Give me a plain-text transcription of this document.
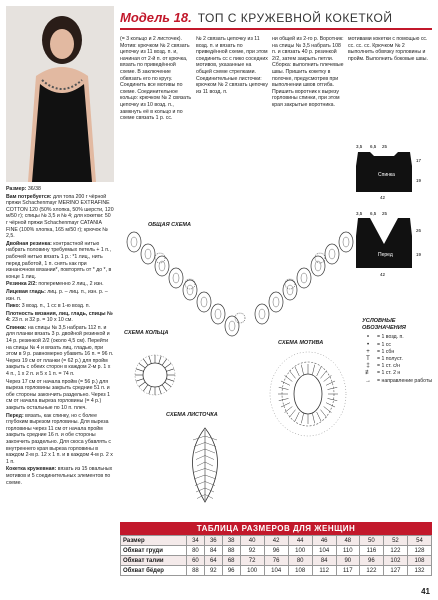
Модель 18. ТОП С КРУЖЕВНОЙ КОКЕТКОЙ

Размер: 36/38

Вам потребуется: для топа 200 г чёрной пряжи Schachenmayr MERINO EXTRAFINE COTTON 120 (50% хлопка, 50% шерсти, 120 м/50 г); спицы № 3,5 и № 4; для кокетки: 50 г чёрной пряжи Schachenmayr CATANIA FINE (100% хлопка, 165 м/50 г); крючок № 2,5.

Двойная резинка: контрастной нитью набрать половину требуемых петель + 1 п., рабочей нитью вязать 1 р.: *1 лиц., нить перед работой, 1 п. снять как при изнаночном вязании*, повторять от * до *, в конце 1 лиц.

Резинка 2/2: попеременно 2 лиц., 2 изн.

Лицевая гладь: лиц. р. – лиц. п., изн. р. – изн. п.

Пико: 3 возд. п., 1 сс в 1-ю возд. п.

Плотность вязания, лиц. гладь, спицы № 4: 23 п. и 32 р. = 10 х 10 см.

Спинка: на спицы № 3,5 набрать 112 п. и для планки вязать 3 р. двойной резинкой и 14 р. резинкой 2/2 (около 4,5 см). Перейти на спицы № 4 и вязать лиц. гладью, при этом в 9 р. равномерно убавить 16 п. = 96 п. Через 19 см от планки (= 62 р.) для пройм закрыть с обеих сторон в каждом 2-м р. 1 х 4 п., 1 х 2 п. и 5 х 1 п. = 74 п.

Через 17 см от начала пройм (= 56 р.) для выреза горловины закрыть средние 51 п. и обе стороны закончить раздельно. Через 1 см от начала выреза горловины (= 4 р.) закрыть остальные по 10 п. плеч.

Перед: вязать, как спинку, но с более глубоким вырезом горловины. Для выреза горловины через 11 см от начала пройм закрыть средние 16 п. и обе стороны закончить раздельно. Для скоса убавлять с внутреннего края выреза горловины в каждом 2-м р. 12 х 1 п. и в каждом 4-м р. 2 х 1 п.

Кокетка кружевная: вязать из 15 овальных мотивов и 5 соединительных элементов по схеме.

(= 3 кольцо и 2 листочек). Мотив: крючком № 2 связать цепочку из 11 возд. п. и, начиная от 2-й п. от крючка, вязать по приведённой схеме. В заключение обвязать его по кругу. Соединить все мотивы по схеме. Соединительное кольцо: крючком № 2 связать цепочку из 10 возд. п., замкнуть её в кольцо и по схеме связать 1 р. сс.
№ 2 связать цепочку из 11 возд. п. и вязать по приведённой схеме, при этом соединить сс с пико соседних мотивов, указанные на общей схеме стрелками. Соединительные листочки: крючком № 2 связать цепочку из 11 возд. п.
ни общей из 2-го р. Воротник: на спицы № 3,5 набрать 108 п. и связать 40 р. резинкой 2/2, затем закрыть петли. Сборка: выполнить плечевые швы. Пришить кокетку в полочке, предусмотрев при выполнении швов отгиба. Пришить воротник к вырезу горловины спинки, при этом края закрытые воротника.
мотивами кокетки с помощью сс. сс. сс. сс. Крючком № 2 выполнить обвязку горловины и пройм. Выполнить боковые швы.
Спинка
3,5 6,5 25
17
19
42
Перед
3,5 6,5 25
26
19
42
ОБЩАЯ СХЕМА
СХЕМА КОЛЬЦА
СХЕМА МОТИВА
СХЕМА ЛИСТОЧКА
УСЛОВНЫЕ ОБОЗНАЧЕНИЯ
∘	= 1 возд. п.
•	= 1 сс
+	= 1 сбн
T	= 1 полуст.
‡	= 1 ст. с/н
≢	= 1 ст. 2 н
→	= направление работы
ТАБЛИЦА РАЗМЕРОВ ДЛЯ ЖЕНЩИН
Размер	34	36	38	40	42	44	46	48	50	52	54
Обхват груди	80	84	88	92	96	100	104	110	116	122	128
Обхват талии	60	64	68	72	76	80	84	90	96	102	108
Обхват бёдер	88	92	96	100	104	108	112	117	122	127	132
41
